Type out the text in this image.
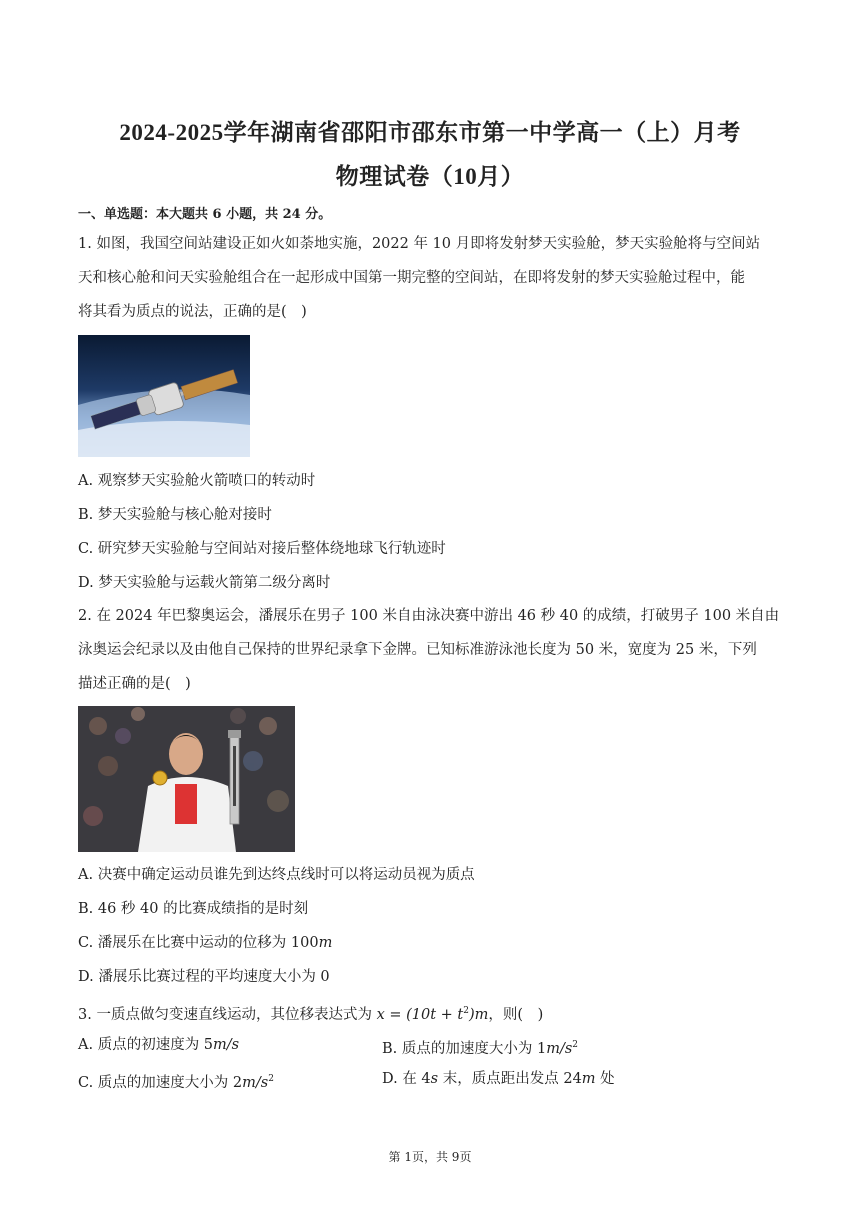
2024-2025学年湖南省邵阳市邵东市第一中学高一（上）月考
物理试卷（10月）
一、单选题：本大题共 6 小题，共 24 分。
1. 如图，我国空间站建设正如火如荼地实施，2022 年 10 月即将发射梦天实验舱，梦天实验舱将与空间站
天和核心舱和问天实验舱组合在一起形成中国第一期完整的空间站，在即将发射的梦天实验舱过程中，能
将其看为质点的说法，正确的是(　)
A. 观察梦天实验舱火箭喷口的转动时
B. 梦天实验舱与核心舱对接时
C. 研究梦天实验舱与空间站对接后整体绕地球飞行轨迹时
D. 梦天实验舱与运载火箭第二级分离时
2. 在 2024 年巴黎奥运会，潘展乐在男子 100 米自由泳决赛中游出 46 秒 40 的成绩，打破男子 100 米自由
泳奥运会纪录以及由他自己保持的世界纪录拿下金牌。已知标准游泳池长度为 50 米，宽度为 25 米，下列
描述正确的是(　)
A. 决赛中确定运动员谁先到达终点线时可以将运动员视为质点
B. 46 秒 40 的比赛成绩指的是时刻
C. 潘展乐在比赛中运动的位移为 100m
D. 潘展乐比赛过程的平均速度大小为 0
3. 一质点做匀变速直线运动，其位移表达式为 $x = (10t + t^2)m$，则(　)
A. 质点的初速度为 5m/s	B. 质点的加速度大小为 $1m/s^2$
C. 质点的加速度大小为 $2m/s^2$	D. 在 4s 末，质点距出发点 24m 处
第 1页，共 9页
